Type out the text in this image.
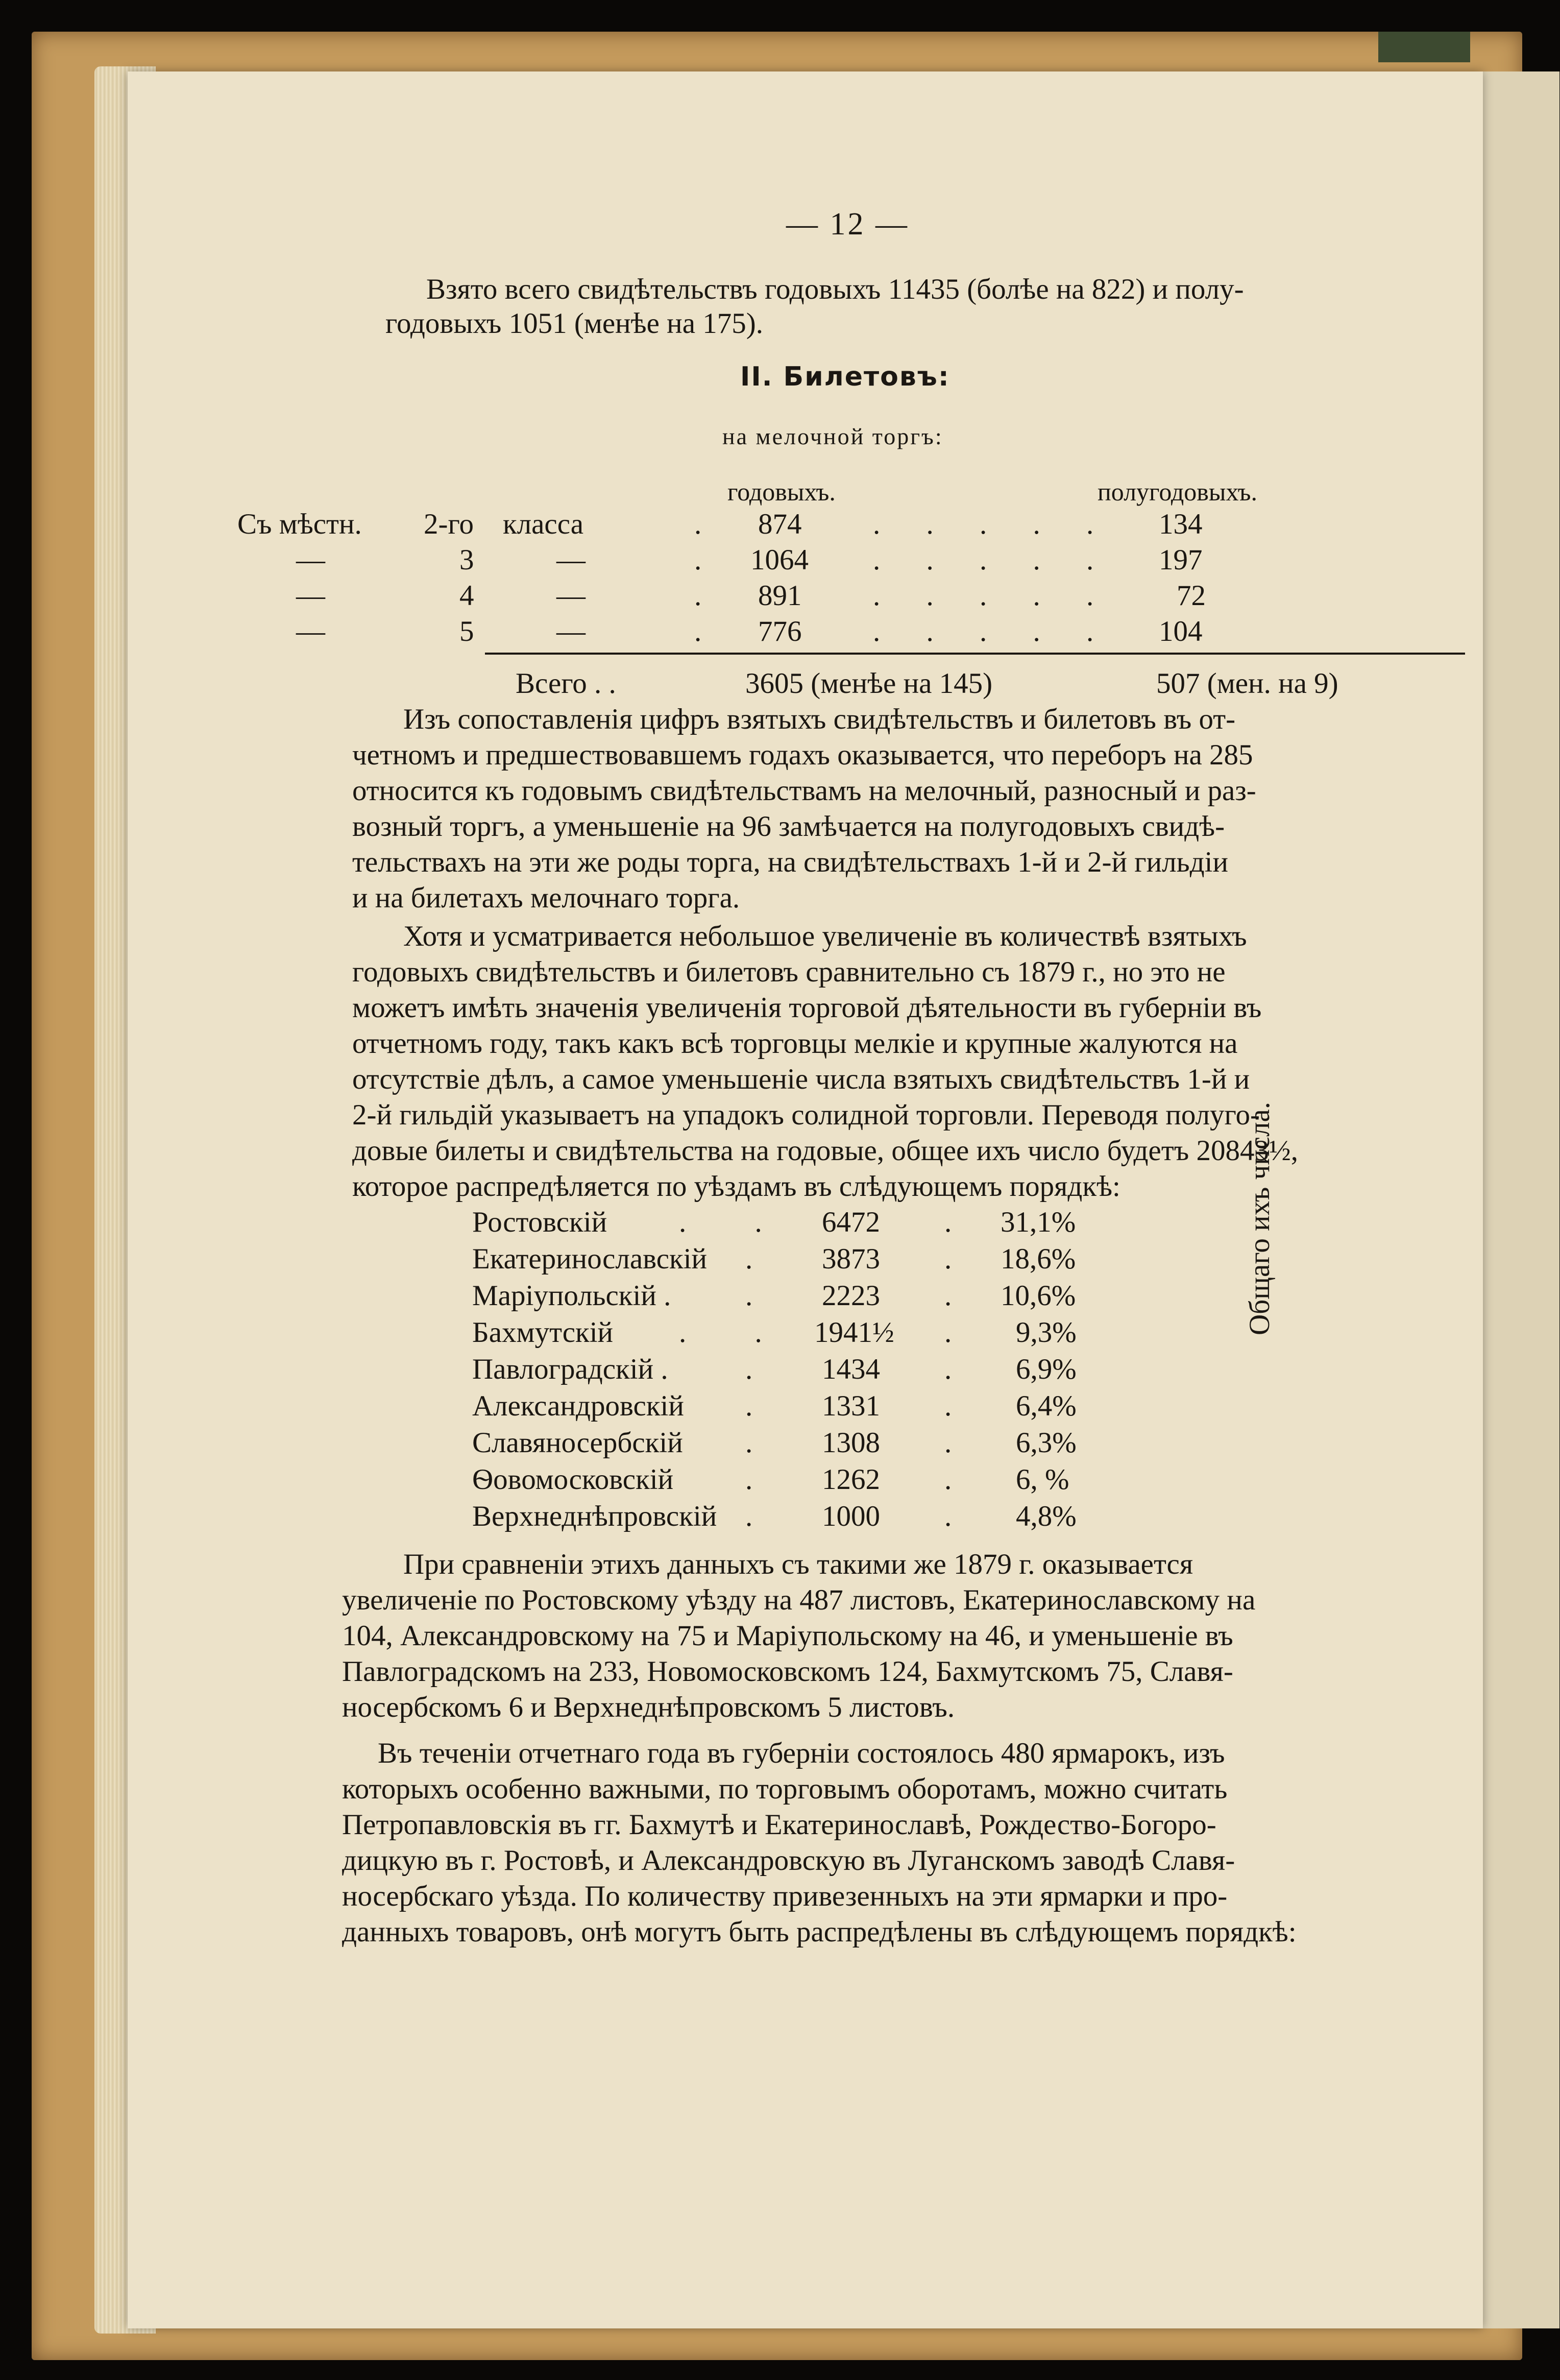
— 12 —
Взято всего свидѣтельствъ годовыхъ 11435 (болѣе на 822) и полу-
годовыхъ 1051 (менѣе на 175).
II. Билетовъ:
на мелочной торгъ:
годовыхъ.	полугодовыхъ.
Съ мѣстн. 2-го класса	. 874 . . . . . 134
—	3	—	. 1064 . . . . . 197
—	4	—	. 891 . . . . . 72
—	5	—	. 776 . . . . . 104
Всего . .	3605 (менѣе на 145)	507 (мен. на 9)
Изъ сопоставленія цифръ взятыхъ свидѣтельствъ и билетовъ въ от-
четномъ и предшествовавшемъ годахъ оказывается, что переборъ на 285
относится къ годовымъ свидѣтельствамъ на мелочный, разносный и раз-
возный торгъ, а уменьшеніе на 96 замѣчается на полугодовыхъ свидѣ-
тельствахъ на эти же роды торга, на свидѣтельствахъ 1-й и 2-й гильдіи
и на билетахъ мелочнаго торга.
Хотя и усматривается небольшое увеличеніе въ количествѣ взятыхъ
годовыхъ свидѣтельствъ и билетовъ сравнительно съ 1879 г., но это не
можетъ имѣть значенія увеличенія торговой дѣятельности въ губерніи въ
отчетномъ году, такъ какъ всѣ торговцы мелкіе и крупные жалуются на
отсутствіе дѣлъ, а самое уменьшеніе числа взятыхъ свидѣтельствъ 1-й и
2-й гильдій указываетъ на упадокъ солидной торговли. Переводя полуго-
довые билеты и свидѣтельства на годовые, общее ихъ число будетъ 20843½,
которое распредѣляется по уѣздамъ въ слѣдующемъ порядкѣ:
Ростовскій . . 6472 . 31,1%
Екатеринославскій . 3873 . 18,6%
Маріупольскій .	. 2223 . 10,6%
Бахмутскій . . 1941½ . 9,3%
Павлоградскій .	. 1434 . 6,9%
Александровскій . 1331 . 6,4%
Славяносербскій . 1308 . 6,3%
Ѳовомосковскій . 1262 . 6, %
Верхнеднѣпровскій . 1000 . 4,8%
Общаго ихъ числа.
При сравненіи этихъ данныхъ съ такими же 1879 г. оказывается
увеличеніе по Ростовскому уѣзду на 487 листовъ, Екатеринославскому на
104, Александровскому на 75 и Маріупольскому на 46, и уменьшеніе въ
Павлоградскомъ на 233, Новомосковскомъ 124, Бахмутскомъ 75, Славя-
носербскомъ 6 и Верхнеднѣпровскомъ 5 листовъ.
Въ теченіи отчетнаго года въ губерніи состоялось 480 ярмарокъ, изъ
которыхъ особенно важными, по торговымъ оборотамъ, можно считать
Петропавловскія въ гг. Бахмутѣ и Екатеринославѣ, Рождество-Богоро-
дицкую въ г. Ростовѣ, и Александровскую въ Луганскомъ заводѣ Славя-
носербскаго уѣзда. По количеству привезенныхъ на эти ярмарки и про-
данныхъ товаровъ, онѣ могутъ быть распредѣлены въ слѣдующемъ порядкѣ:
